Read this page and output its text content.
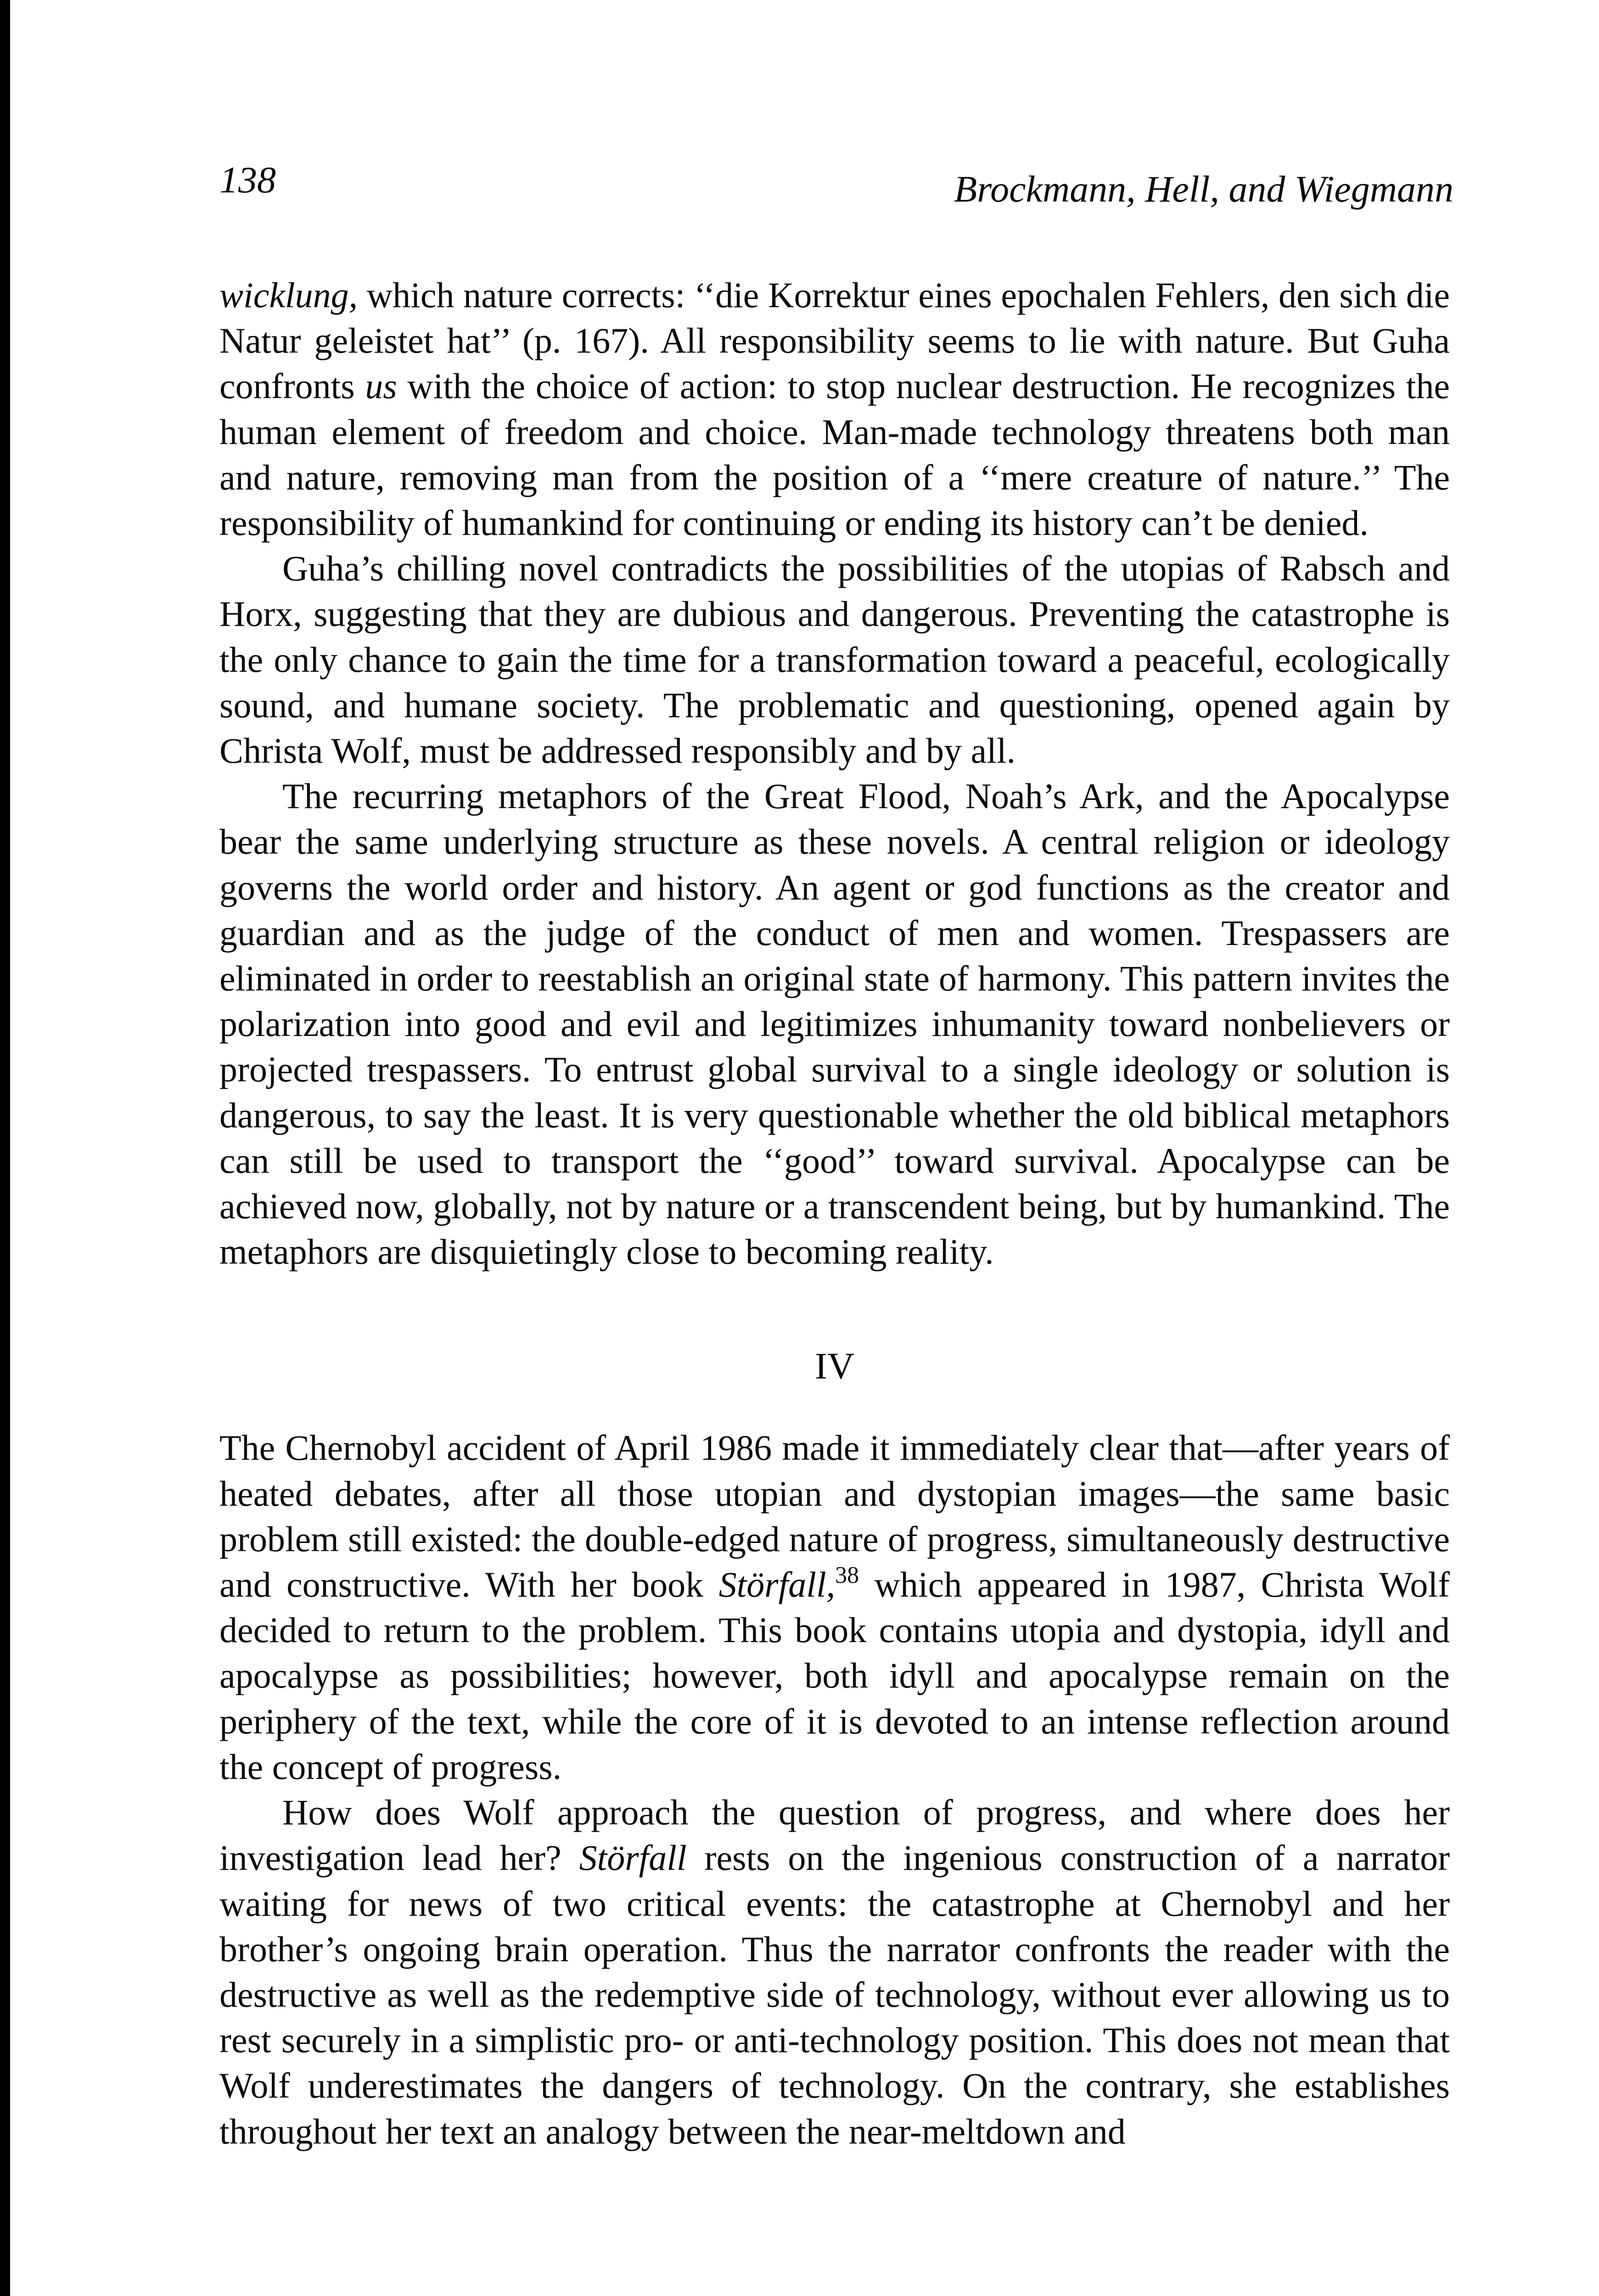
138	Brockmann, Hell, and Wiegmann

wicklung, which nature corrects: ‘‘die Korrektur eines epochalen Fehlers, den sich die Natur geleistet hat’’ (p. 167). All responsibility seems to lie with nature. But Guha confronts us with the choice of action: to stop nuclear destruction. He recognizes the human element of freedom and choice. Man-made technology threatens both man and nature, removing man from the position of a ‘‘mere creature of nature.’’ The responsibility of humankind for continuing or ending its history can’t be denied.

Guha’s chilling novel contradicts the possibilities of the utopias of Rabsch and Horx, suggesting that they are dubious and dangerous. Preventing the catastrophe is the only chance to gain the time for a transformation toward a peaceful, ecologically sound, and humane society. The problematic and questioning, opened again by Christa Wolf, must be addressed responsibly and by all.

The recurring metaphors of the Great Flood, Noah’s Ark, and the Apocalypse bear the same underlying structure as these novels. A central religion or ideology governs the world order and history. An agent or god functions as the creator and guardian and as the judge of the conduct of men and women. Trespassers are eliminated in order to reestablish an original state of harmony. This pattern invites the polarization into good and evil and legitimizes inhumanity toward nonbelievers or projected trespassers. To entrust global survival to a single ideology or solution is dangerous, to say the least. It is very questionable whether the old biblical metaphors can still be used to transport the ‘‘good’’ toward survival. Apocalypse can be achieved now, globally, not by nature or a transcendent being, but by humankind. The metaphors are disquietingly close to becoming reality.

IV

The Chernobyl accident of April 1986 made it immediately clear that—after years of heated debates, after all those utopian and dystopian images—the same basic problem still existed: the double-edged nature of progress, simultaneously destructive and constructive. With her book Störfall,$^{38}$ which appeared in 1987, Christa Wolf decided to return to the problem. This book contains utopia and dystopia, idyll and apocalypse as possibilities; however, both idyll and apocalypse remain on the periphery of the text, while the core of it is devoted to an intense reflection around the concept of progress.

How does Wolf approach the question of progress, and where does her investigation lead her? Störfall rests on the ingenious construction of a narrator waiting for news of two critical events: the catastrophe at Chernobyl and her brother’s ongoing brain operation. Thus the narrator confronts the reader with the destructive as well as the redemptive side of technology, without ever allowing us to rest securely in a simplistic pro- or anti-technology position. This does not mean that Wolf underestimates the dangers of technology. On the contrary, she establishes throughout her text an analogy between the near-meltdown and
